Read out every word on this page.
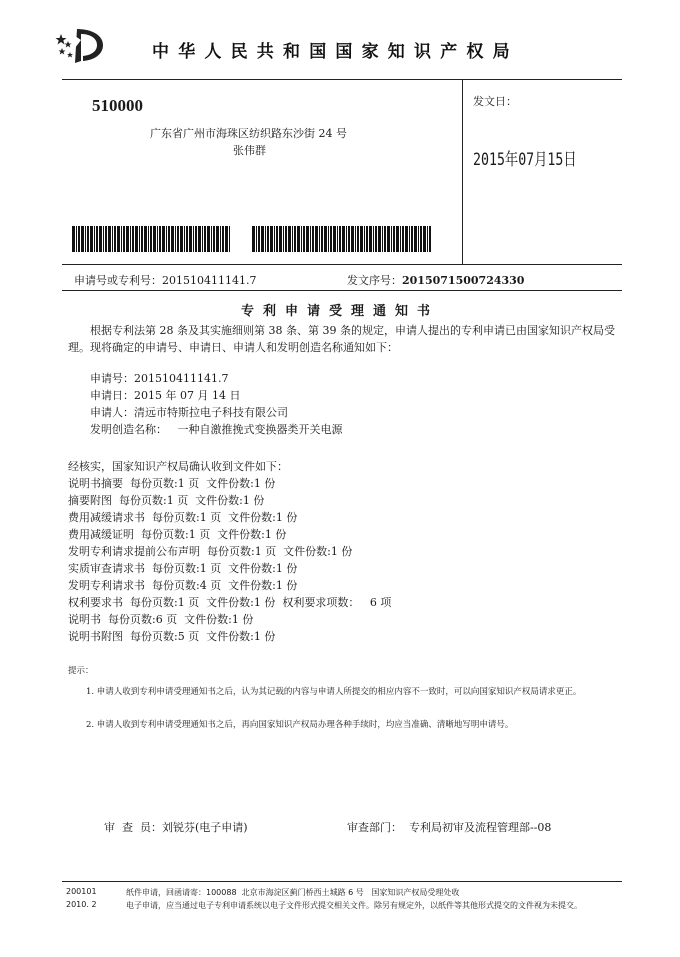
中华人民共和国国家知识产权局
510000
广东省广州市海珠区纺织路东沙街 24 号
张伟群
发文日：
2015年07月15日
申请号或专利号：201510411141.7	发文序号：2015071500724330
专利申请受理通知书
根据专利法第 28 条及其实施细则第 38 条、第 39 条的规定，申请人提出的专利申请已由国家知识产权局受理。现将确定的申请号、申请日、申请人和发明创造名称通知如下：
申请号：201510411141.7
申请日：2015 年 07 月 14 日
申请人：清远市特斯拉电子科技有限公司
发明创造名称：   一种自激推挽式变换器类开关电源
经核实，国家知识产权局确认收到文件如下：
说明书摘要  每份页数:1 页  文件份数:1 份
摘要附图  每份页数:1 页  文件份数:1 份
费用减缓请求书  每份页数:1 页  文件份数:1 份
费用减缓证明  每份页数:1 页  文件份数:1 份
发明专利请求提前公布声明  每份页数:1 页  文件份数:1 份
实质审查请求书  每份页数:1 页  文件份数:1 份
发明专利请求书  每份页数:4 页  文件份数:1 份
权利要求书  每份页数:1 页  文件份数:1 份  权利要求项数：   6 项
说明书  每份页数:6 页  文件份数:1 份
说明书附图  每份页数:5 页  文件份数:1 份
提示：
1. 申请人收到专利申请受理通知书之后，认为其记载的内容与申请人所提交的相应内容不一致时，可以向国家知识产权局请求更正。
2. 申请人收到专利申请受理通知书之后，再向国家知识产权局办理各种手续时，均应当准确、清晰地写明申请号。
审  查  员：刘锐芬(电子申请)	审查部门：  专利局初审及流程管理部--08
200101
2010. 2
纸件申请，回函请寄：100088  北京市海淀区蓟门桥西土城路 6 号   国家知识产权局受理处收
电子申请，应当通过电子专利申请系统以电子文件形式提交相关文件。除另有规定外，以纸件等其他形式提交的文件视为未提交。
